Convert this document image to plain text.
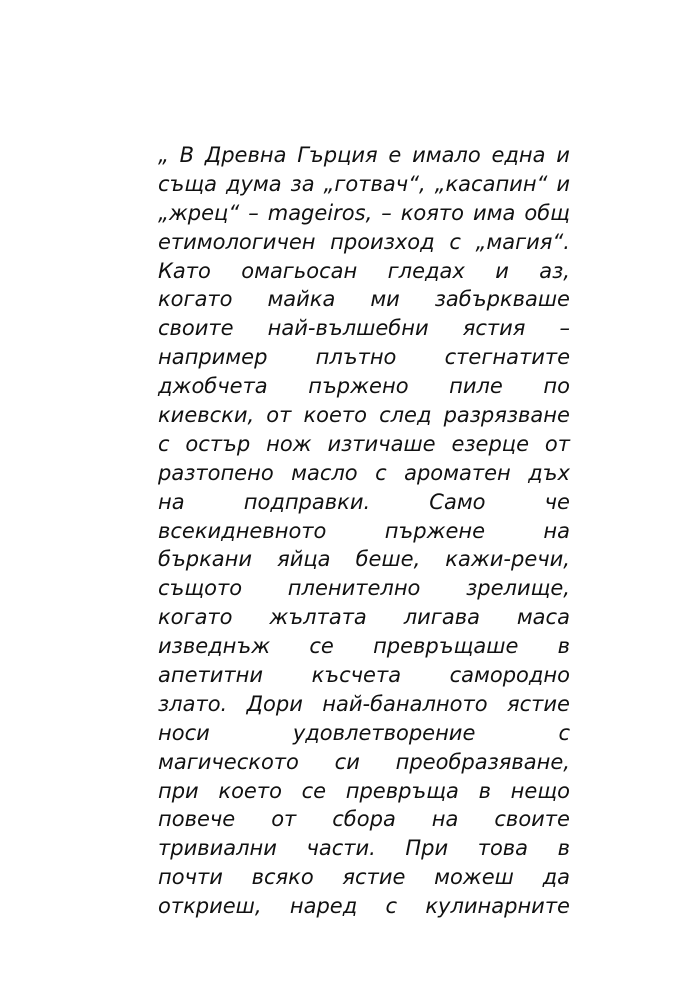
„ В Древна Гърция е имало една и
съща дума за „готвач“, „касапин“ и
„жрец“ – mageiros, – която има общ
етимологичен произход с „магия“.
Като омагьосан гледах и аз,
когато майка ми забъркваше
своите най-вълшебни ястия –
например плътно стегнатите
джобчета пържено пиле по
киевски, от което след разрязване
с остър нож изтичаше езерце от
разтопено масло с ароматен дъх
на	подправки.	Само	че
всекидневното	пържене	на
бъркани яйца беше, кажи-речи,
същото пленително зрелище,
когато жълтата лигава маса
изведнъж се превръщаше в
апетитни късчета самородно
злато. Дори най-баналното ястие
носи	удовлетворение	с
магическото си преобразяване,
при което се превръща в нещо
повече от сбора на своите
тривиални части. При това в
почти всяко ястие можеш да
откриеш, наред с кулинарните
